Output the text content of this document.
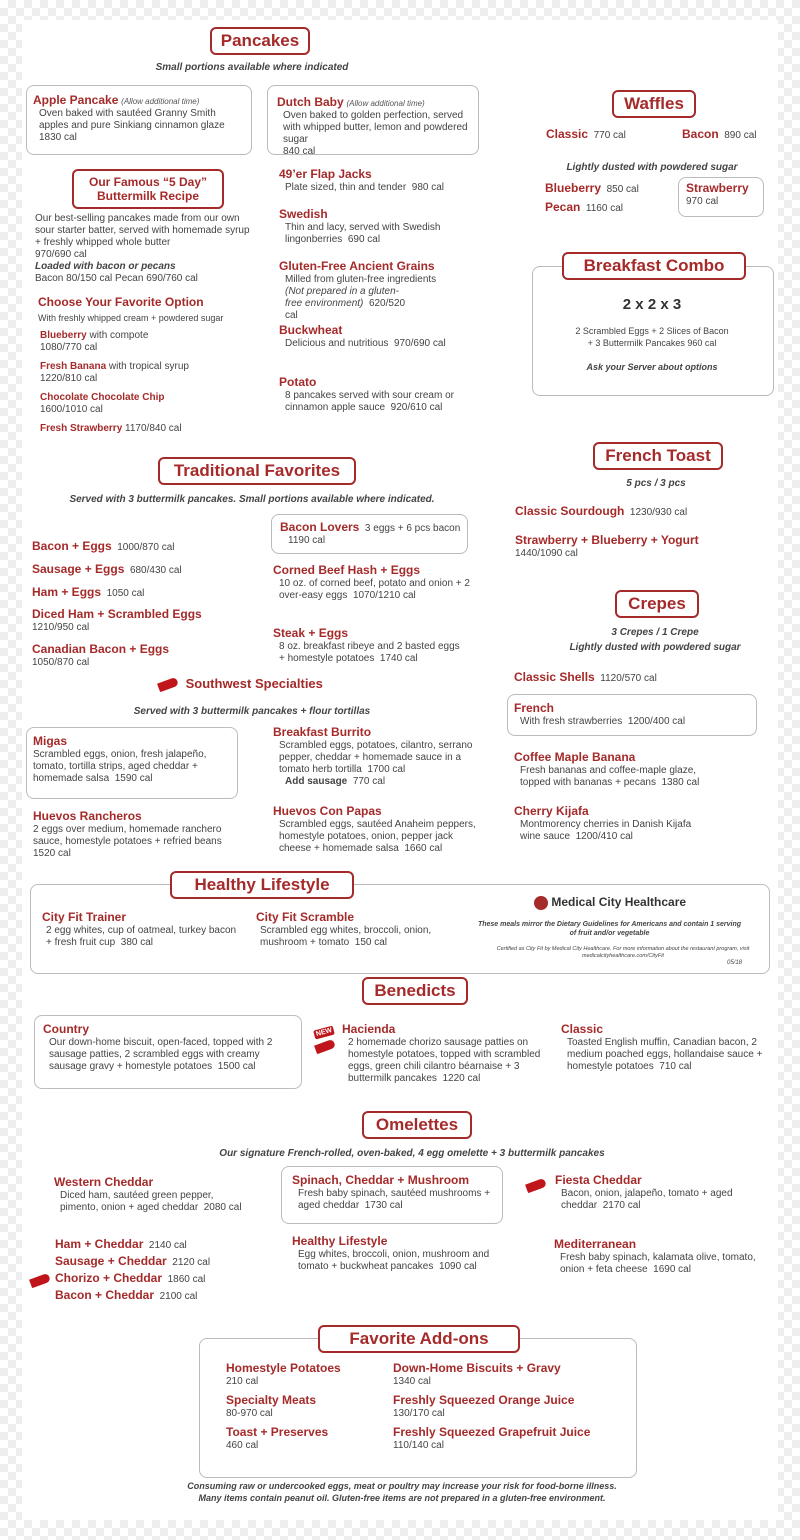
Pancakes
Small portions available where indicated
Apple Pancake (Allow additional time)
Oven baked with sautéed Granny Smith apples and pure Sinkiang cinnamon glaze
1830 cal
Dutch Baby (Allow additional time)
Oven baked to golden perfection, served with whipped butter, lemon and powdered sugar
840 cal
Our Famous “5 Day”
Buttermilk Recipe
Our best-selling pancakes made from our own sour starter batter, served with homemade syrup + freshly whipped whole butter
970/690 cal
Loaded with bacon or pecans
Bacon 80/150 cal Pecan 690/760 cal
Choose Your Favorite Option
With freshly whipped cream + powdered sugar
Blueberry with compote
1080/770 cal
Fresh Banana with tropical syrup
1220/810 cal
Chocolate Chocolate Chip
1600/1010 cal
Fresh Strawberry 1170/840 cal
49’er Flap Jacks
Plate sized, thin and tender 980 cal
Swedish
Thin and lacy, served with Swedish lingonberries 690 cal
Gluten-Free Ancient Grains
Milled from gluten-free ingredients
(Not prepared in a gluten-free environment) 620/520 cal
Buckwheat
Delicious and nutritious 970/690 cal
Potato
8 pancakes served with sour cream or cinnamon apple sauce 920/610 cal
Waffles
Classic 770 cal	Bacon 890 cal
Lightly dusted with powdered sugar
Blueberry 850 cal
Pecan 1160 cal
Strawberry
970 cal
Breakfast Combo
2 x 2 x 3
2 Scrambled Eggs + 2 Slices of Bacon
+ 3 Buttermilk Pancakes 960 cal
Ask your Server about options
Traditional Favorites
Served with 3 buttermilk pancakes. Small portions available where indicated.
Bacon + Eggs 1000/870 cal
Sausage + Eggs 680/430 cal
Ham + Eggs 1050 cal
Diced Ham + Scrambled Eggs
1210/950 cal
Canadian Bacon + Eggs
1050/870 cal
Bacon Lovers 3 eggs + 6 pcs bacon
1190 cal
Corned Beef Hash + Eggs
10 oz. of corned beef, potato and onion + 2 over-easy eggs 1070/1210 cal
Steak + Eggs
8 oz. breakfast ribeye and 2 basted eggs + homestyle potatoes 1740 cal
Southwest Specialties
Served with 3 buttermilk pancakes + flour tortillas
Migas
Scrambled eggs, onion, fresh jalapeño, tomato, tortilla strips, aged cheddar + homemade salsa 1590 cal
Huevos Rancheros
2 eggs over medium, homemade ranchero sauce, homestyle potatoes + refried beans  1520 cal
Breakfast Burrito
Scrambled eggs, potatoes, cilantro, serrano pepper, cheddar + homemade sauce in a tomato herb tortilla 1700 cal
Add sausage 770 cal
Huevos Con Papas
Scrambled eggs, sautéed Anaheim peppers, homestyle potatoes, onion, pepper jack cheese + homemade salsa 1660 cal
French Toast
5 pcs / 3 pcs
Classic Sourdough 1230/930 cal
Strawberry + Blueberry + Yogurt
1440/1090 cal
Crepes
3 Crepes / 1 Crepe
Lightly dusted with powdered sugar
Classic Shells 1120/570 cal
French
With fresh strawberries 1200/400 cal
Coffee Maple Banana
Fresh bananas and coffee-maple glaze, topped with bananas + pecans 1380 cal
Cherry Kijafa
Montmorency cherries in Danish Kijafa wine sauce 1200/410 cal
Healthy Lifestyle
City Fit Trainer

2 egg whites, cup of oatmeal, turkey bacon + fresh fruit cup 380 cal
City Fit Scramble

Scrambled egg whites, broccoli, onion, mushroom + tomato 150 cal
Medical City Healthcare
These meals mirror the Dietary Guidelines for Americans and contain 1 serving of fruit and/or vegetable
Certified as City Fit by Medical City Healthcare. For more information about the restaurant program, visit medicalcityhealthcare.com/CityFit
05/18
Benedicts
Country
Our down-home biscuit, open-faced, topped with 2 sausage patties, 2 scrambled eggs with creamy sausage gravy + homestyle potatoes 1500 cal
NEW Hacienda
2 homemade chorizo sausage patties on homestyle potatoes, topped with scrambled eggs, green chili cilantro béarnaise + 3 buttermilk pancakes 1220 cal
Classic
Toasted English muffin, Canadian bacon, 2 medium poached eggs, hollandaise sauce + homestyle potatoes 710 cal
Omelettes
Our signature French-rolled, oven-baked, 4 egg omelette + 3 buttermilk pancakes
Western Cheddar
Diced ham, sautéed green pepper, pimento, onion + aged cheddar 2080 cal
Ham + Cheddar 2140 cal
Sausage + Cheddar 2120 cal
Chorizo + Cheddar 1860 cal
Bacon + Cheddar 2100 cal
Spinach, Cheddar + Mushroom
Fresh baby spinach, sautéed mushrooms + aged cheddar 1730 cal
Healthy Lifestyle
Egg whites, broccoli, onion, mushroom and tomato + buckwheat pancakes 1090 cal
Fiesta Cheddar
Bacon, onion, jalapeño, tomato + aged cheddar 2170 cal
Mediterranean
Fresh baby spinach, kalamata olive, tomato, onion + feta cheese 1690 cal
Favorite Add-ons
Homestyle Potatoes
210 cal
Specialty Meats
80-970 cal
Toast + Preserves
460 cal
Down-Home Biscuits + Gravy
1340 cal
Freshly Squeezed Orange Juice
130/170 cal
Freshly Squeezed Grapefruit Juice
110/140 cal
Consuming raw or undercooked eggs, meat or poultry may increase your risk for food-borne illness.
Many items contain peanut oil. Gluten-free items are not prepared in a gluten-free environment.
